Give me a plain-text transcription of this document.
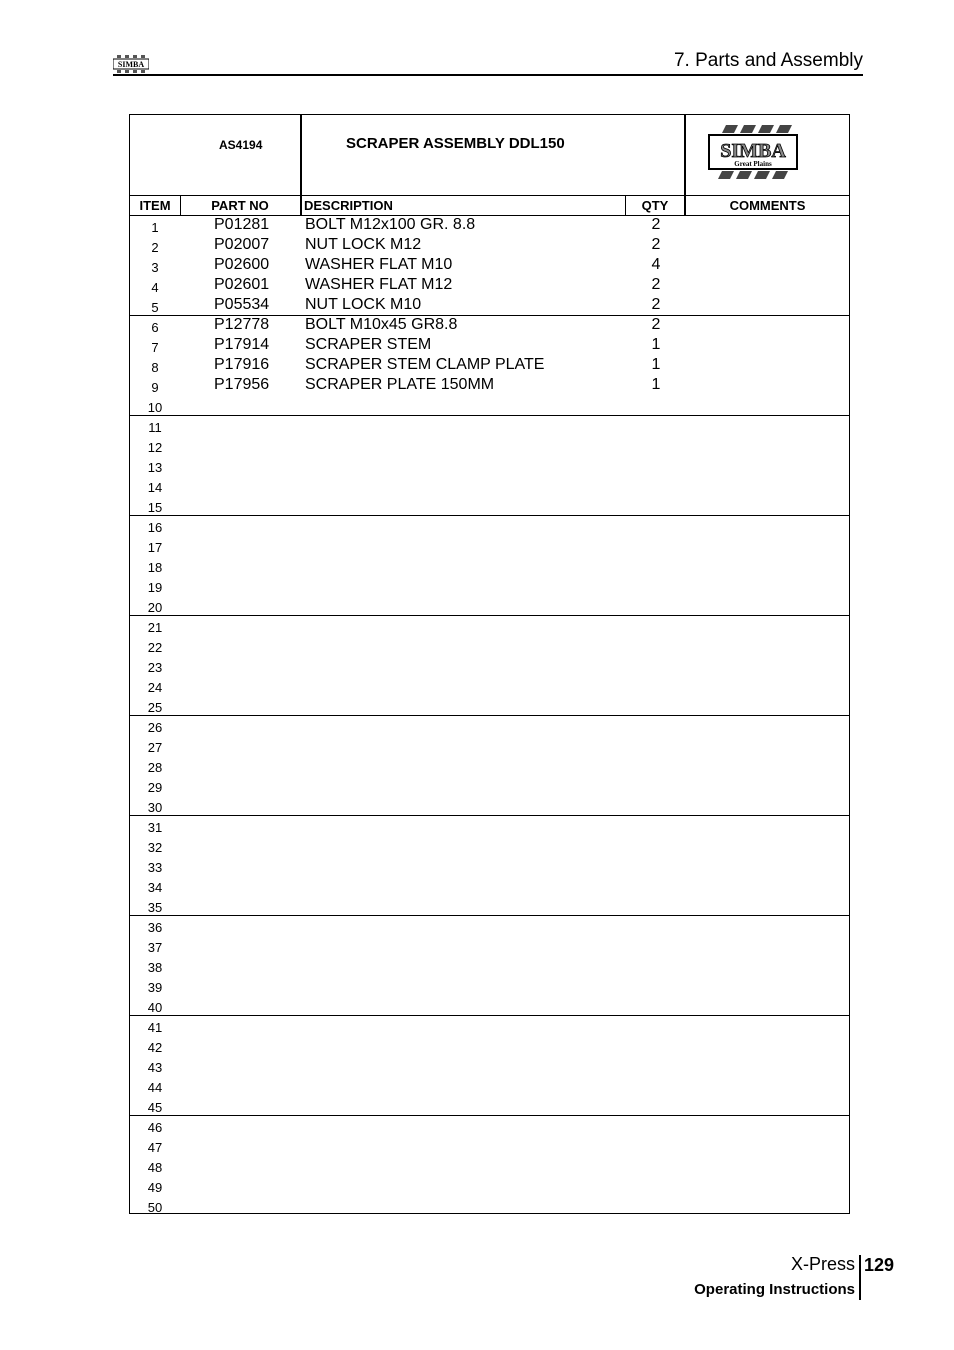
SIMBA	7. Parts and Assembly
AS4194	SCRAPER ASSEMBLY DDL150	SIMBA
Great Plains
ITEM	PART NO	DESCRIPTION	QTY	COMMENTS
1	P01281 BOLT M12x100 GR. 8.8	2
2	P02007 NUT LOCK M12	2
3	P02600 WASHER FLAT M10	4
4	P02601 WASHER FLAT M12	2
5	P05534 NUT LOCK M10	2
6	P12778 BOLT M10x45 GR8.8	2
7	P17914 SCRAPER STEM	1
8	P17916 SCRAPER STEM CLAMP PLATE	1
9	P17956 SCRAPER PLATE 150MM	1
10
11
12
13
14
15
16
17
18
19
20
21
22
23
24
25
26
27
28
29
30
31
32
33
34
35
36
37
38
39
40
41
42
43
44
45
46
47
48
49
50
X-Press
Operating Instructions
129
